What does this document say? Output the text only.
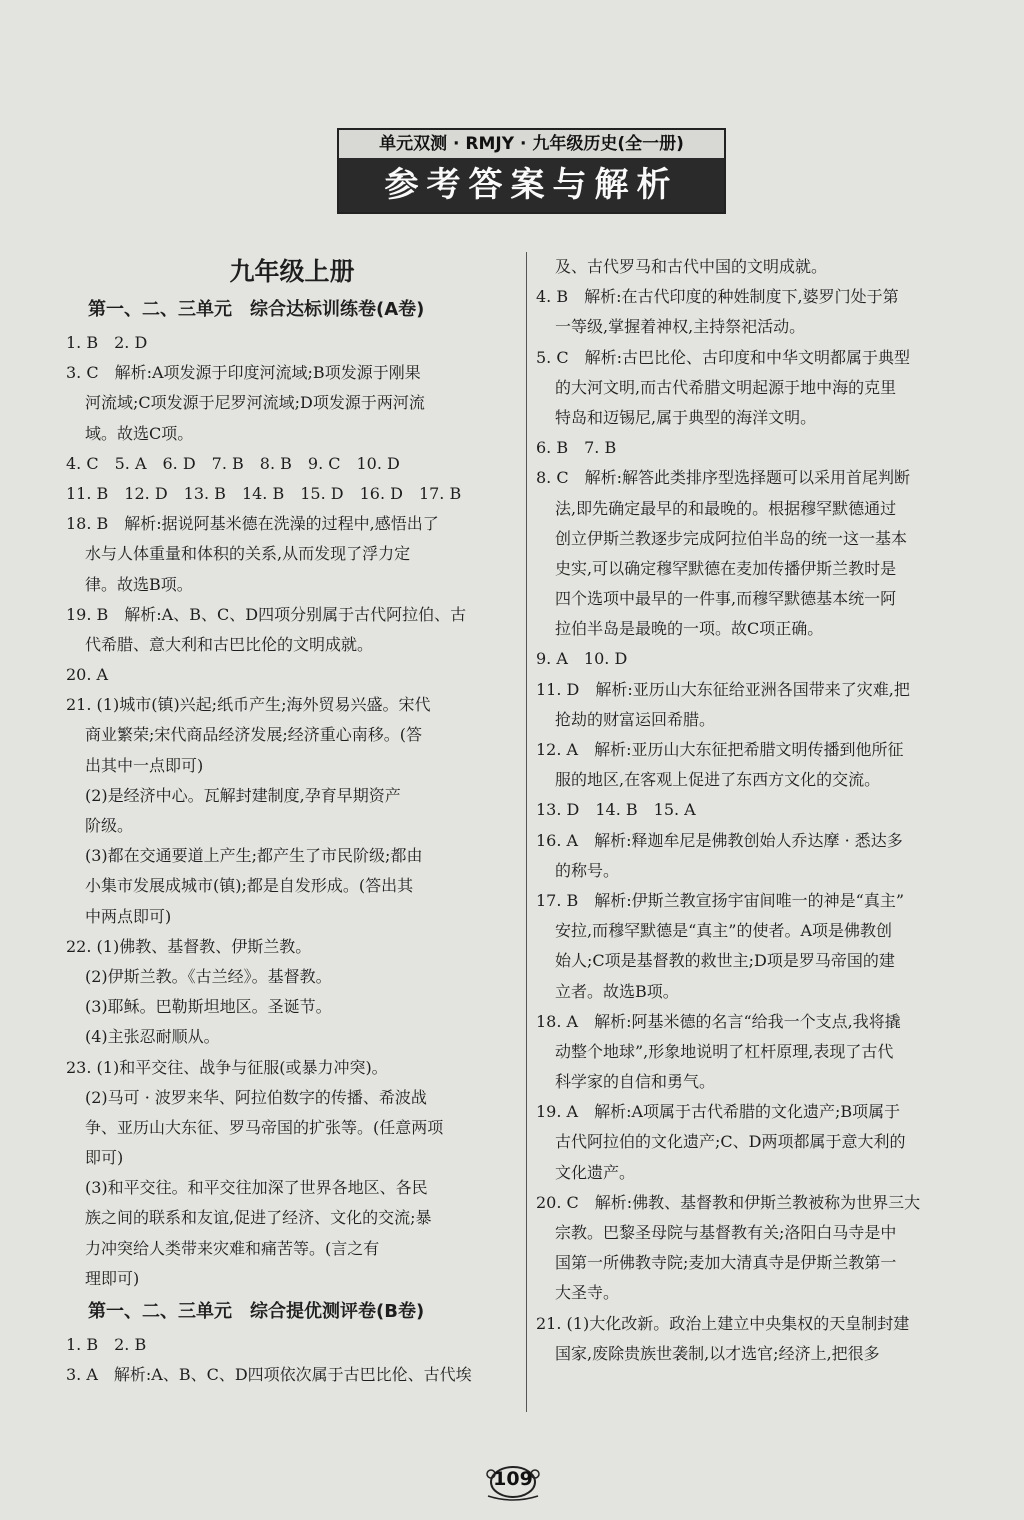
单元双测 · RMJY · 九年级历史(全一册)
参考答案与解析
九年级上册
第一、二、三单元　综合达标训练卷(A卷)
1. B　2. D
3. C　解析:A项发源于印度河流域;B项发源于刚果
河流域;C项发源于尼罗河流域;D项发源于两河流
域。故选C项。
4. C　5. A　6. D　7. B　8. B　9. C　10. D
11. B　12. D　13. B　14. B　15. D　16. D　17. B
18. B　解析:据说阿基米德在洗澡的过程中,感悟出了
水与人体重量和体积的关系,从而发现了浮力定
律。故选B项。
19. B　解析:A、B、C、D四项分别属于古代阿拉伯、古
代希腊、意大利和古巴比伦的文明成就。
20. A
21. (1)城市(镇)兴起;纸币产生;海外贸易兴盛。宋代
商业繁荣;宋代商品经济发展;经济重心南移。(答
出其中一点即可)
(2)是经济中心。瓦解封建制度,孕育早期资产
阶级。
(3)都在交通要道上产生;都产生了市民阶级;都由
小集市发展成城市(镇);都是自发形成。(答出其
中两点即可)
22. (1)佛教、基督教、伊斯兰教。
(2)伊斯兰教。《古兰经》。基督教。
(3)耶稣。巴勒斯坦地区。圣诞节。
(4)主张忍耐顺从。
23. (1)和平交往、战争与征服(或暴力冲突)。
(2)马可 · 波罗来华、阿拉伯数字的传播、希波战
争、亚历山大东征、罗马帝国的扩张等。(任意两项
即可)
(3)和平交往。和平交往加深了世界各地区、各民
族之间的联系和友谊,促进了经济、文化的交流;暴
力冲突给人类带来灾难和痛苦等。(言之有
理即可)
第一、二、三单元　综合提优测评卷(B卷)
1. B　2. B
3. A　解析:A、B、C、D四项依次属于古巴比伦、古代埃
及、古代罗马和古代中国的文明成就。
4. B　解析:在古代印度的种姓制度下,婆罗门处于第
一等级,掌握着神权,主持祭祀活动。
5. C　解析:古巴比伦、古印度和中华文明都属于典型
的大河文明,而古代希腊文明起源于地中海的克里
特岛和迈锡尼,属于典型的海洋文明。
6. B　7. B
8. C　解析:解答此类排序型选择题可以采用首尾判断
法,即先确定最早的和最晚的。根据穆罕默德通过
创立伊斯兰教逐步完成阿拉伯半岛的统一这一基本
史实,可以确定穆罕默德在麦加传播伊斯兰教时是
四个选项中最早的一件事,而穆罕默德基本统一阿
拉伯半岛是最晚的一项。故C项正确。
9. A　10. D
11. D　解析:亚历山大东征给亚洲各国带来了灾难,把
抢劫的财富运回希腊。
12. A　解析:亚历山大东征把希腊文明传播到他所征
服的地区,在客观上促进了东西方文化的交流。
13. D　14. B　15. A
16. A　解析:释迦牟尼是佛教创始人乔达摩 · 悉达多
的称号。
17. B　解析:伊斯兰教宣扬宇宙间唯一的神是“真主”
安拉,而穆罕默德是“真主”的使者。A项是佛教创
始人;C项是基督教的救世主;D项是罗马帝国的建
立者。故选B项。
18. A　解析:阿基米德的名言“给我一个支点,我将撬
动整个地球”,形象地说明了杠杆原理,表现了古代
科学家的自信和勇气。
19. A　解析:A项属于古代希腊的文化遗产;B项属于
古代阿拉伯的文化遗产;C、D两项都属于意大利的
文化遗产。
20. C　解析:佛教、基督教和伊斯兰教被称为世界三大
宗教。巴黎圣母院与基督教有关;洛阳白马寺是中
国第一所佛教寺院;麦加大清真寺是伊斯兰教第一
大圣寺。
21. (1)大化改新。政治上建立中央集权的天皇制封建
国家,废除贵族世袭制,以才选官;经济上,把很多
109
